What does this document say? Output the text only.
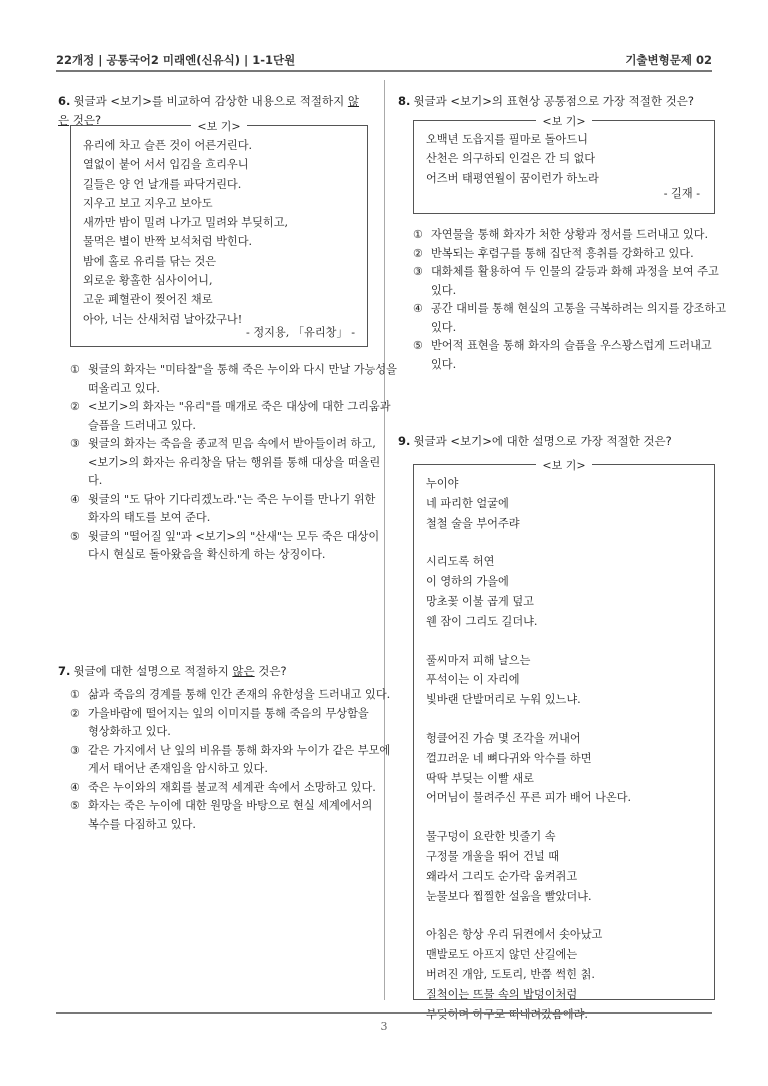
22개정 | 공통국어2 미래엔(신유식) | 1-1단원	기출변형문제 02
6. 윗글과 <보기>를 비교하여 감상한 내용으로 적절하지 않은 것은?	<보 기>
유리에 차고 슬픈 것이 어른거린다.
열없이 붙어 서서 입김을 흐리우니
길들은 양 언 날개를 파닥거린다.
지우고 보고 지우고 보아도
새까만 밤이 밀려 나가고 밀려와 부딪히고,
물먹은 별이 반짝 보석처럼 박힌다.
밤에 홀로 유리를 닦는 것은
외로운 황홀한 심사이어니,
고운 폐혈관이 찢어진 채로
아아, 너는 산새처럼 날아갔구나!
- 정지용, 「유리창」 -
① 윗글의 화자는 "미타찰"을 통해 죽은 누이와 다시 만날 가능성을
떠올리고 있다.
② <보기>의 화자는 "유리"를 매개로 죽은 대상에 대한 그리움과
슬픔을 드러내고 있다.
③ 윗글의 화자는 죽음을 종교적 믿음 속에서 받아들이려 하고,
<보기>의 화자는 유리창을 닦는 행위를 통해 대상을 떠올린
다.
④ 윗글의 "도 닦아 기다리겠노라."는 죽은 누이를 만나기 위한
화자의 태도를 보여 준다.
⑤ 윗글의 "떨어질 잎"과 <보기>의 "산새"는 모두 죽은 대상이
다시 현실로 돌아왔음을 확신하게 하는 상징이다.
7. 윗글에 대한 설명으로 적절하지 않은 것은?
① 삶과 죽음의 경계를 통해 인간 존재의 유한성을 드러내고 있다.
② 가을바람에 떨어지는 잎의 이미지를 통해 죽음의 무상함을
형상화하고 있다.
③ 같은 가지에서 난 잎의 비유를 통해 화자와 누이가 같은 부모에
게서 태어난 존재임을 암시하고 있다.
④ 죽은 누이와의 재회를 불교적 세계관 속에서 소망하고 있다.
⑤ 화자는 죽은 누이에 대한 원망을 바탕으로 현실 세계에서의
복수를 다짐하고 있다.
8. 윗글과 <보기>의 표현상 공통점으로 가장 적절한 것은?
<보 기>
오백년 도읍지를 필마로 돌아드니
산천은 의구하되 인걸은 간 듸 없다
어즈버 태평연월이 꿈이런가 하노라
- 길재 -
① 자연물을 통해 화자가 처한 상황과 정서를 드러내고 있다.
② 반복되는 후렴구를 통해 집단적 흥취를 강화하고 있다.
③ 대화체를 활용하여 두 인물의 갈등과 화해 과정을 보여 주고
있다.
④ 공간 대비를 통해 현실의 고통을 극복하려는 의지를 강조하고
있다.
⑤ 반어적 표현을 통해 화자의 슬픔을 우스꽝스럽게 드러내고
있다.
9. 윗글과 <보기>에 대한 설명으로 가장 적절한 것은?
<보 기>
누이야
네 파리한 얼굴에
철철 술을 부어주랴
시리도록 허연
이 영하의 가을에
망초꽃 이불 곱게 덮고
웬 잠이 그리도 길더냐.
풀씨마저 피해 날으는
푸석이는 이 자리에
빛바랜 단발머리로 누워 있느냐.
헝클어진 가슴 몇 조각을 꺼내어
껄끄러운 네 뼈다귀와 악수를 하면
딱딱 부딪는 이빨 새로
어머님이 물려주신 푸른 피가 배어 나온다.
물구덩이 요란한 빗줄기 속
구정물 개울을 뛰어 건널 때
왜라서 그리도 순가락 움켜쥐고
눈물보다 찝찔한 설움을 빨았더냐.
아침은 항상 우리 뒤켠에서 솟아났고
맨발로도 아프지 않던 산길에는
버려진 개암, 도토리, 반쯤 썩힌 칡.
질척이는 뜨물 속의 밥덩이처럼
부딪히며 하구로 떠내려갔음에랴.
3
